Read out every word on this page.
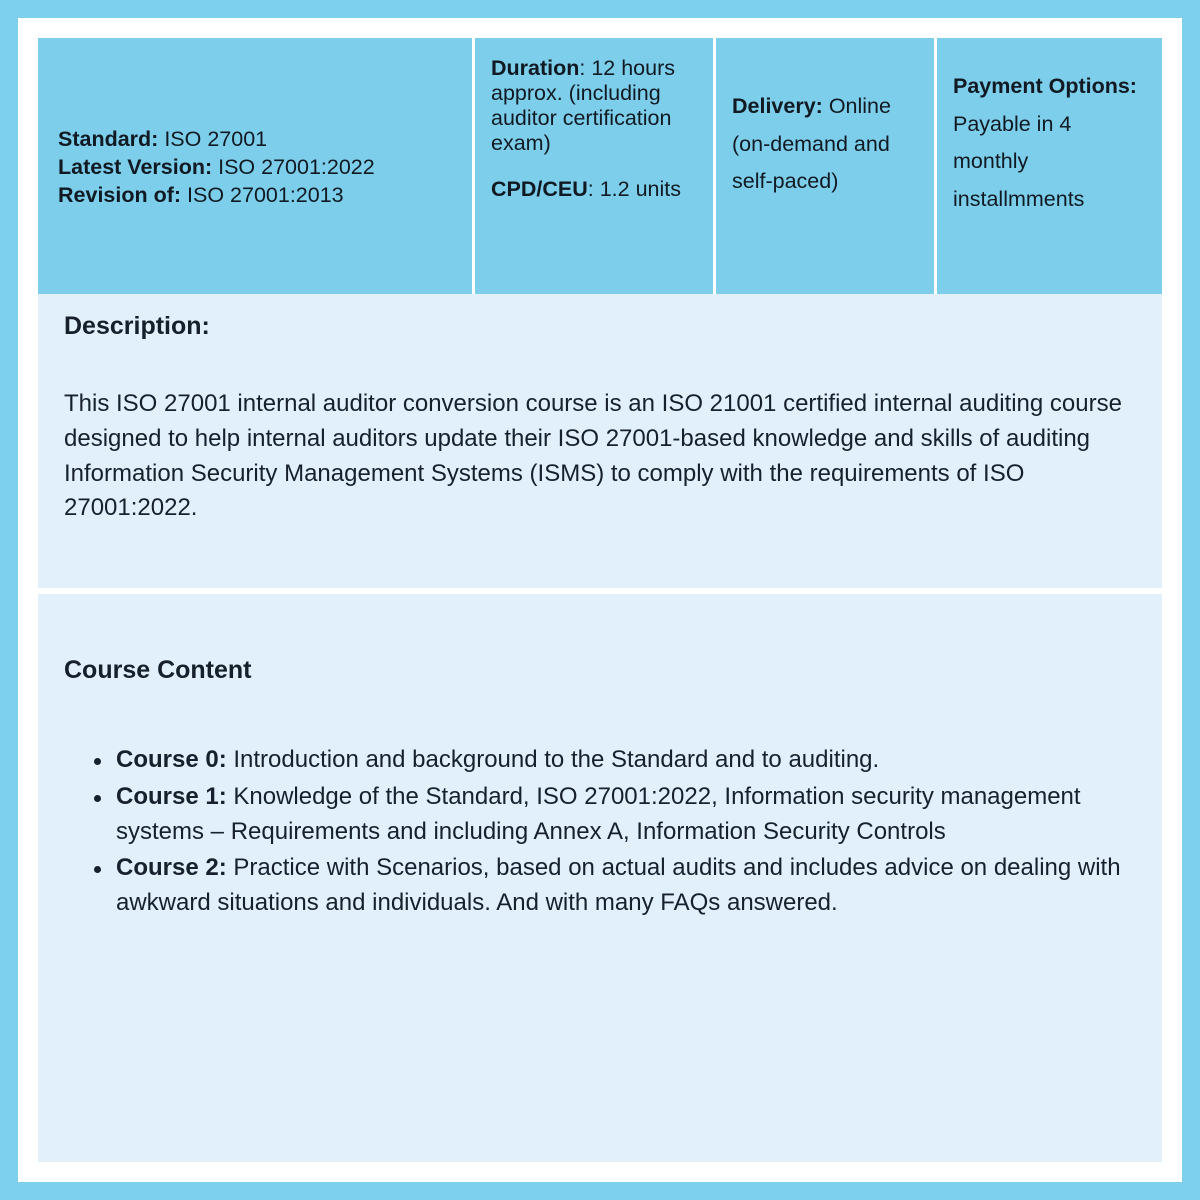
Standard: ISO 27001
Latest Version: ISO 27001:2022
Revision of: ISO 27001:2013
Duration: 12 hours approx. (including auditor certification exam)
CPD/CEU: 1.2 units
Delivery: Online (on-demand and self-paced)
Payment Options: Payable in 4 monthly installmments
Description:

This ISO 27001 internal auditor conversion course is an ISO 21001 certified internal auditing course designed to help internal auditors update their ISO 27001-based knowledge and skills of auditing Information Security Management Systems (ISMS) to comply with the requirements of ISO 27001:2022.

Course Content
Course 0: Introduction and background to the Standard and to auditing.
Course 1: Knowledge of the Standard, ISO 27001:2022, Information security management systems – Requirements and including Annex A, Information Security Controls
Course 2: Practice with Scenarios, based on actual audits and includes advice on dealing with awkward situations and individuals. And with many FAQs answered.
